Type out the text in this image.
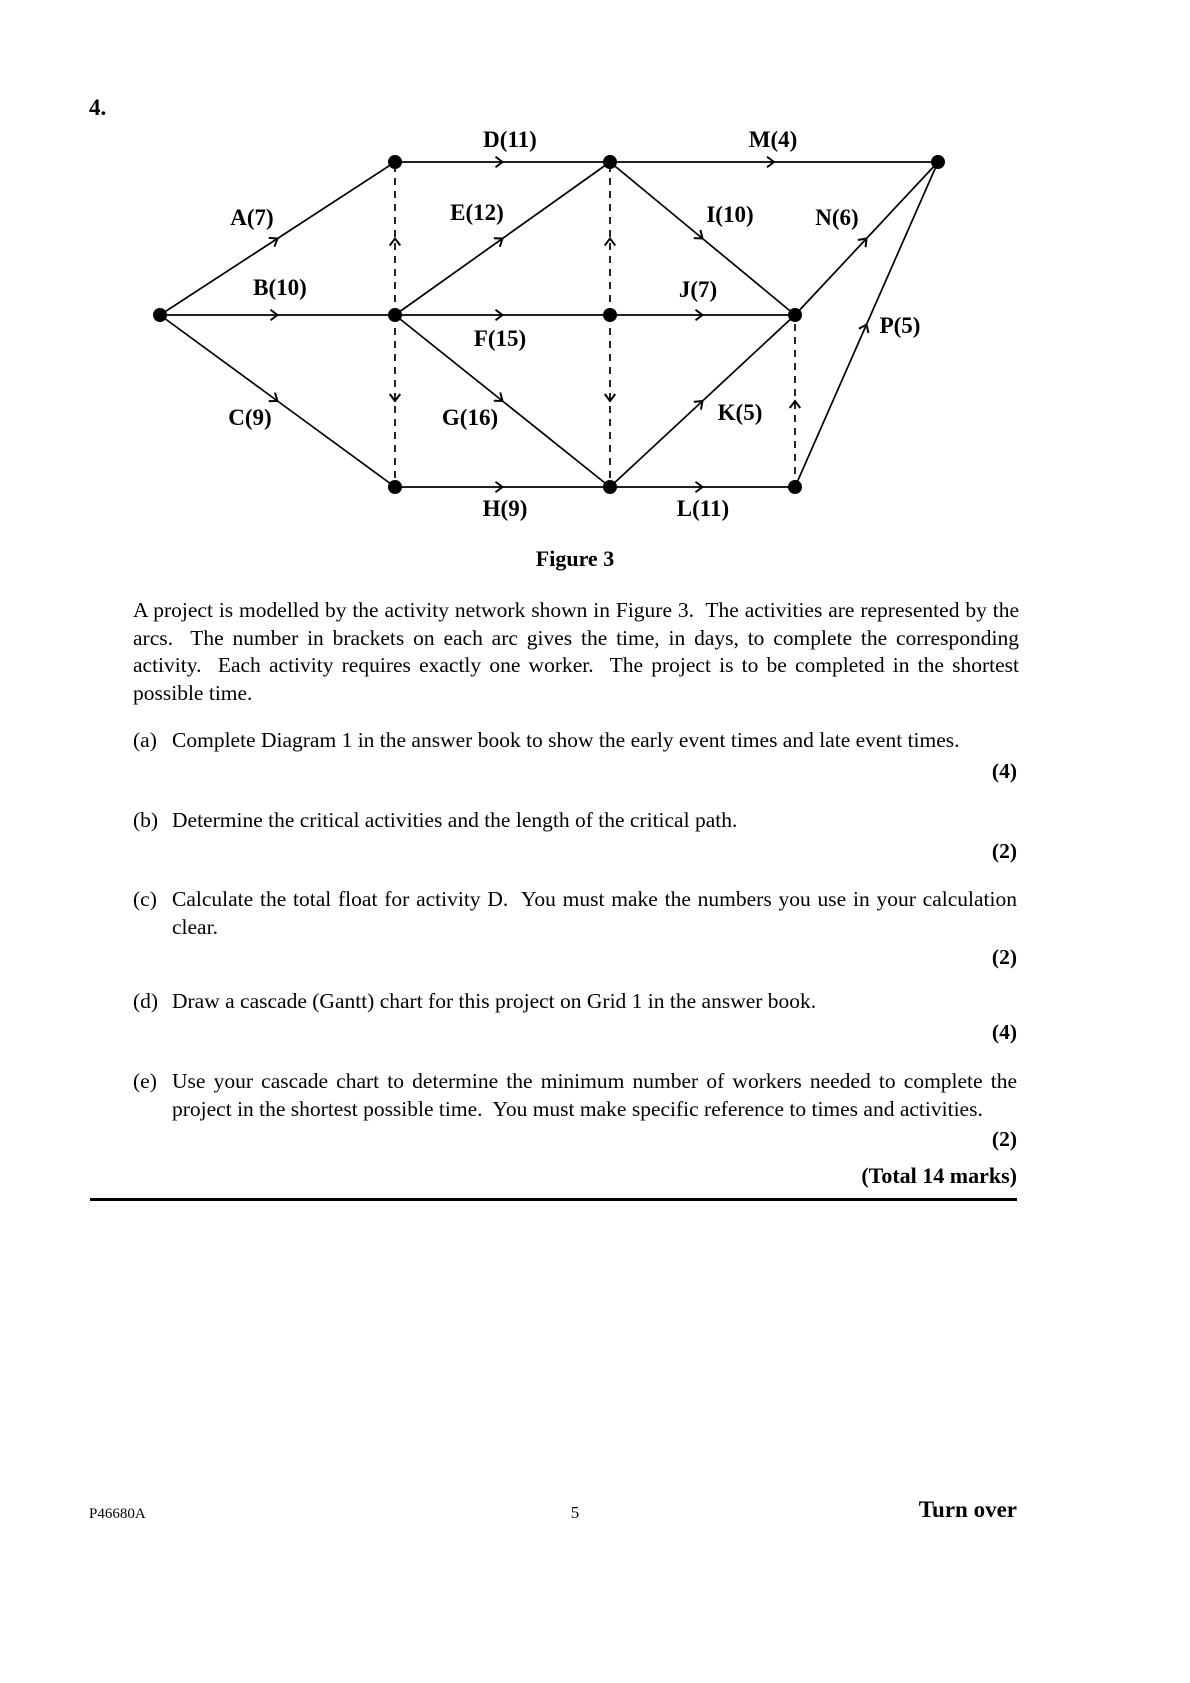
4.
A(7)
B(10)
C(9)
D(11)
E(12)
F(15)
G(16)
H(9)
I(10)
M(4)
J(7)
K(5)
L(11)
N(6)
P(5)
Figure 3
A project is modelled by the activity network shown in Figure 3.  The activities are represented by the arcs.  The number in brackets on each arc gives the time, in days, to complete the corresponding activity.  Each activity requires exactly one worker.  The project is to be completed in the shortest possible time.
(a) Complete Diagram 1 in the answer book to show the early event times and late event times.
(4)
(b) Determine the critical activities and the length of the critical path.
(2)
(c) Calculate the total float for activity D.  You must make the numbers you use in your calculation clear.
(2)
(d) Draw a cascade (Gantt) chart for this project on Grid 1 in the answer book.
(4)
(e) Use your cascade chart to determine the minimum number of workers needed to complete the project in the shortest possible time.  You must make specific reference to times and activities.
(2)
(Total 14 marks)
P46680A	5	Turn over
